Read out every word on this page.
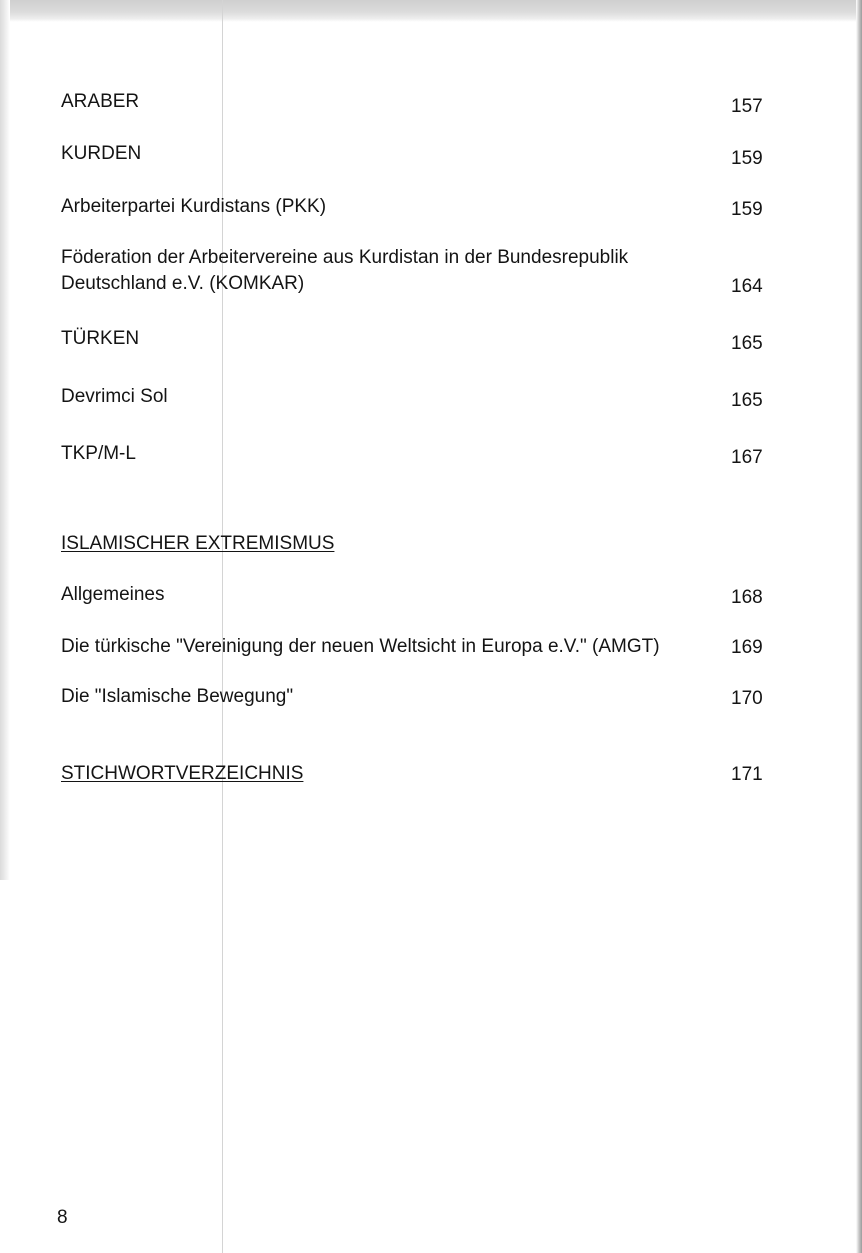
ARABER	157
KURDEN	159
Arbeiterpartei Kurdistans (PKK)	159
Föderation der Arbeitervereine aus Kurdistan in der Bundesrepublik
Deutschland e.V. (KOMKAR)	164
TÜRKEN	165
Devrimci Sol	165
TKP/M-L	167
ISLAMISCHER EXTREMISMUS
Allgemeines	168
Die türkische "Vereinigung der neuen Weltsicht in Europa e.V." (AMGT)	169
Die "Islamische Bewegung"	170
STICHWORTVERZEICHNIS	171
8
